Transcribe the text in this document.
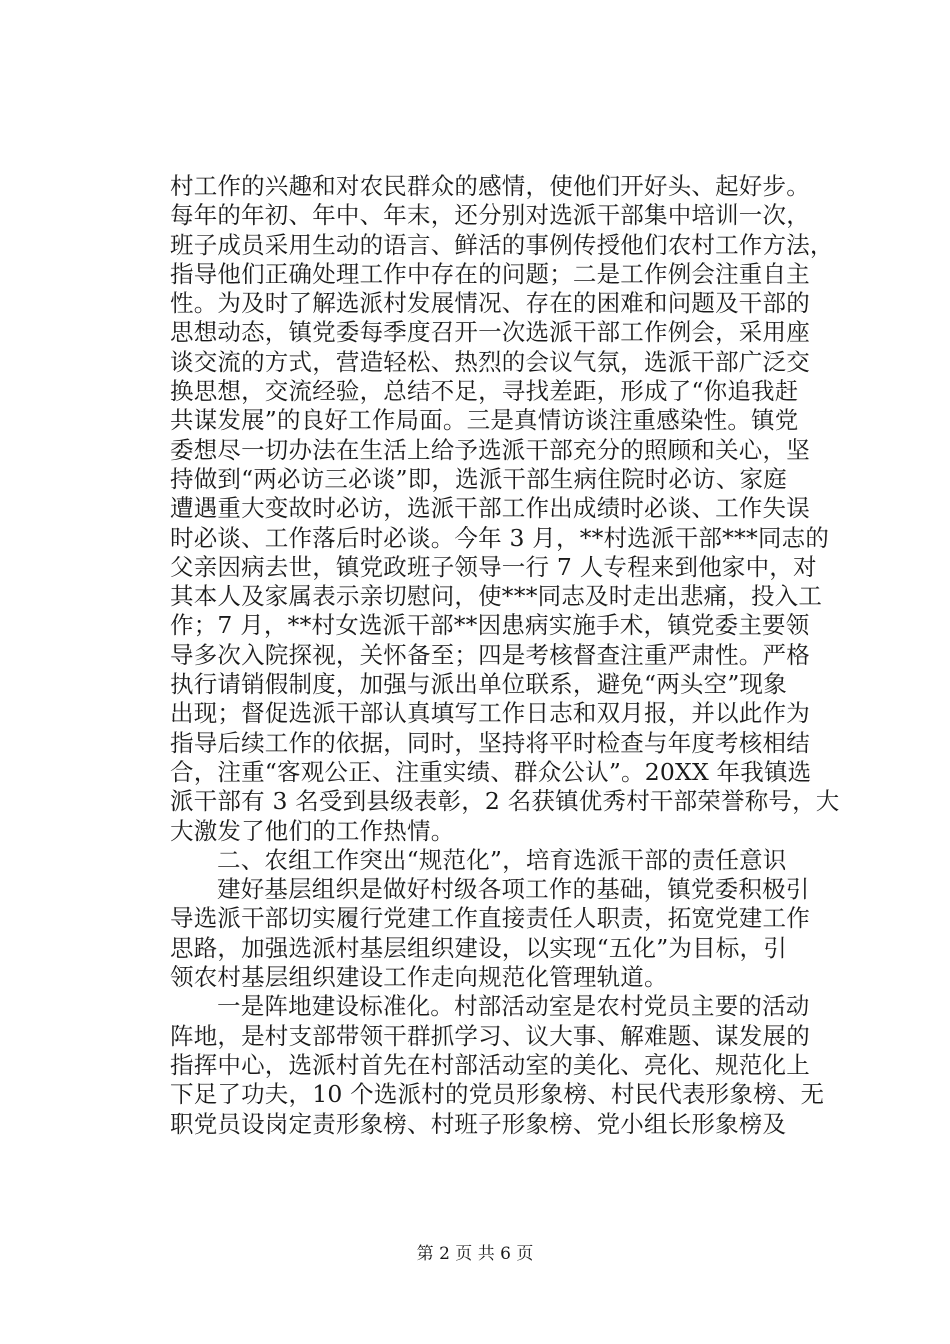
村工作的兴趣和对农民群众的感情，使他们开好头、起好步。
每年的年初、年中、年末，还分别对选派干部集中培训一次，
班子成员采用生动的语言、鲜活的事例传授他们农村工作方法，
指导他们正确处理工作中存在的问题；二是工作例会注重自主
性。为及时了解选派村发展情况、存在的困难和问题及干部的
思想动态，镇党委每季度召开一次选派干部工作例会，采用座
谈交流的方式，营造轻松、热烈的会议气氛，选派干部广泛交
换思想，交流经验，总结不足，寻找差距，形成了“你追我赶
共谋发展”的良好工作局面。三是真情访谈注重感染性。镇党
委想尽一切办法在生活上给予选派干部充分的照顾和关心，坚
持做到“两必访三必谈”即，选派干部生病住院时必访、家庭
遭遇重大变故时必访，选派干部工作出成绩时必谈、工作失误
时必谈、工作落后时必谈。今年 3 月，**村选派干部***同志的
父亲因病去世，镇党政班子领导一行 7 人专程来到他家中，对
其本人及家属表示亲切慰问，使***同志及时走出悲痛，投入工
作；7 月，**村女选派干部**因患病实施手术，镇党委主要领
导多次入院探视，关怀备至；四是考核督查注重严肃性。严格
执行请销假制度，加强与派出单位联系，避免“两头空”现象
出现；督促选派干部认真填写工作日志和双月报，并以此作为
指导后续工作的依据，同时，坚持将平时检查与年度考核相结
合，注重“客观公正、注重实绩、群众公认”。20XX 年我镇选
派干部有 3 名受到县级表彰，2 名获镇优秀村干部荣誉称号，大
大激发了他们的工作热情。
二、农组工作突出“规范化”，培育选派干部的责任意识
建好基层组织是做好村级各项工作的基础，镇党委积极引
导选派干部切实履行党建工作直接责任人职责，拓宽党建工作
思路，加强选派村基层组织建设，以实现“五化”为目标，引
领农村基层组织建设工作走向规范化管理轨道。
一是阵地建设标准化。村部活动室是农村党员主要的活动
阵地，是村支部带领干群抓学习、议大事、解难题、谋发展的
指挥中心，选派村首先在村部活动室的美化、亮化、规范化上
下足了功夫，10 个选派村的党员形象榜、村民代表形象榜、无
职党员设岗定责形象榜、村班子形象榜、党小组长形象榜及
第 2 页 共 6 页
